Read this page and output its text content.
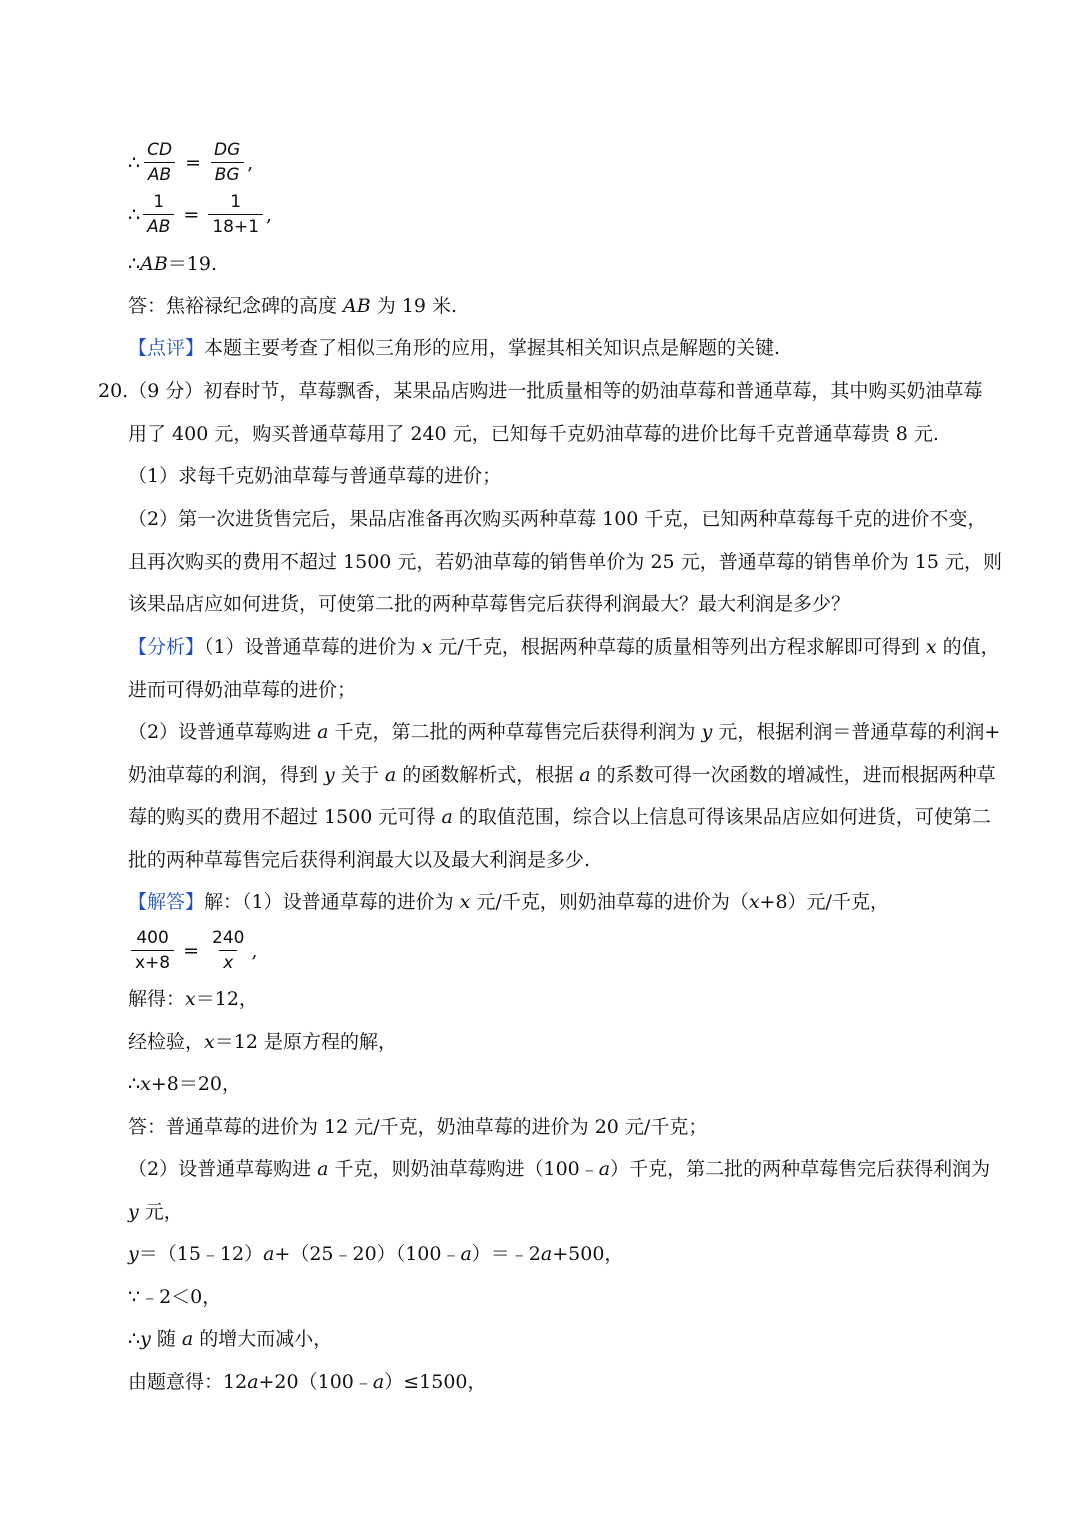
∴ $\frac{CD}{AB} = \frac{DG}{BG}$ ,
∴ $\frac{1}{AB} = \frac{1}{18+1}$ ,
∴AB＝19.
答：焦裕禄纪念碑的高度 AB 为 19 米.
【点评】本题主要考查了相似三角形的应用，掌握其相关知识点是解题的关键.
20.（9 分）初春时节，草莓飘香，某果品店购进一批质量相等的奶油草莓和普通草莓，其中购买奶油草莓
用了 400 元，购买普通草莓用了 240 元，已知每千克奶油草莓的进价比每千克普通草莓贵 8 元.
（1）求每千克奶油草莓与普通草莓的进价；
（2）第一次进货售完后，果品店准备再次购买两种草莓 100 千克，已知两种草莓每千克的进价不变，
且再次购买的费用不超过 1500 元，若奶油草莓的销售单价为 25 元，普通草莓的销售单价为 15 元，则
该果品店应如何进货，可使第二批的两种草莓售完后获得利润最大？最大利润是多少？
【分析】（1）设普通草莓的进价为 x 元/千克，根据两种草莓的质量相等列出方程求解即可得到 x 的值，
进而可得奶油草莓的进价；
（2）设普通草莓购进 a 千克，第二批的两种草莓售完后获得利润为 y 元，根据利润＝普通草莓的利润+
奶油草莓的利润，得到 y 关于 a 的函数解析式，根据 a 的系数可得一次函数的增减性，进而根据两种草
莓的购买的费用不超过 1500 元可得 a 的取值范围，综合以上信息可得该果品店应如何进货，可使第二
批的两种草莓售完后获得利润最大以及最大利润是多少.
【解答】解：（1）设普通草莓的进价为 x 元/千克，则奶油草莓的进价为（x+8）元/千克，
$\frac{400}{x+8} = \frac{240}{x}$ ,
解得：x＝12，
经检验，x＝12 是原方程的解，
∴x+8＝20，
答：普通草莓的进价为 12 元/千克，奶油草莓的进价为 20 元/千克；
（2）设普通草莓购进 a 千克，则奶油草莓购进（100﹣a）千克，第二批的两种草莓售完后获得利润为
y 元，
y＝（15﹣12）a+（25﹣20）（100﹣a）＝﹣2a+500，
∵﹣2＜0，
∴y 随 a 的增大而减小，
由题意得：12a+20（100﹣a）≤1500，
